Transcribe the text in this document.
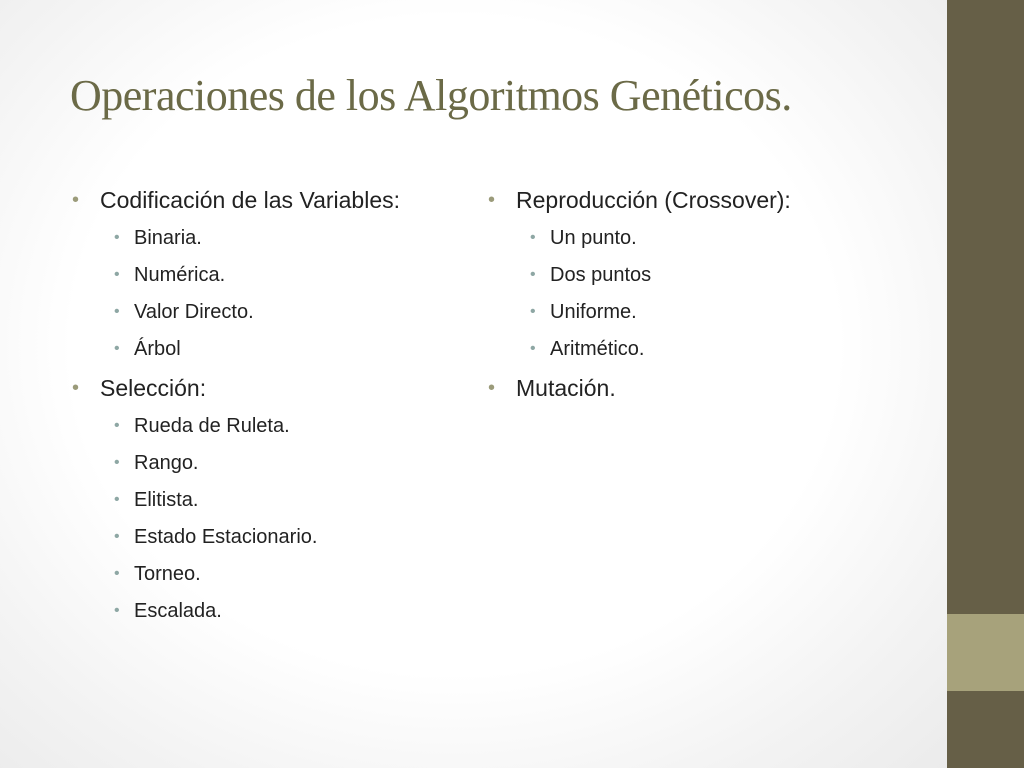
Operaciones de los Algoritmos Genéticos.
• Codificación de las Variables:
• Binaria.
• Numérica.
• Valor Directo.
• Árbol
• Selección:
• Rueda de Ruleta.
• Rango.
• Elitista.
• Estado Estacionario.
• Torneo.
• Escalada.
• Reproducción (Crossover):
• Un punto.
• Dos puntos
• Uniforme.
• Aritmético.
• Mutación.
